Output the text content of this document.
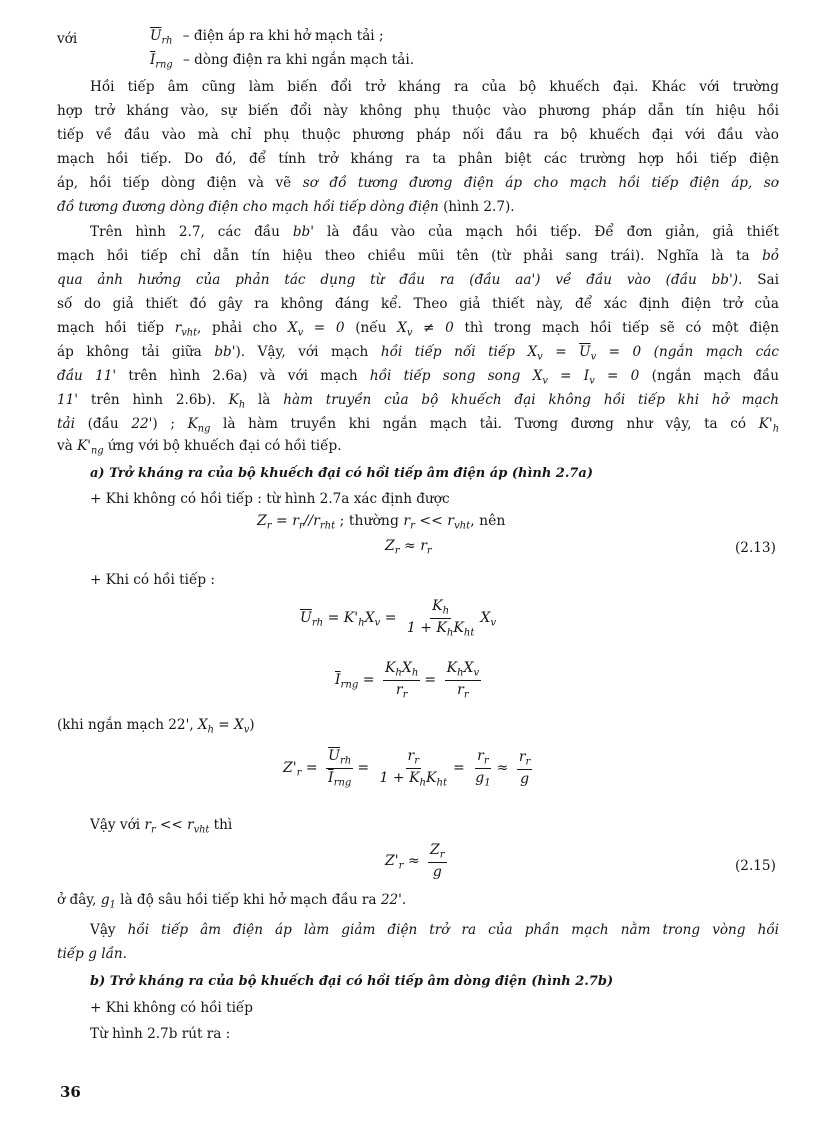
với	$\overline{U}_{rh}$ – điện áp ra khi hở mạch tải ;
$\overline{I}_{rng}$ – dòng điện ra khi ngắn mạch tải.
Hồi tiếp âm cũng làm biến đổi trở kháng ra của bộ khuếch đại. Khác với trường
hợp trở kháng vào, sự biến đổi này không phụ thuộc vào phương pháp dẫn tín hiệu hồi
tiếp về đầu vào mà chỉ phụ thuộc phương pháp nối đầu ra bộ khuếch đại với đầu vào
mạch hồi tiếp. Do đó, để tính trở kháng ra ta phân biệt các trường hợp hồi tiếp điện
áp, hồi tiếp dòng điện và vẽ sơ đồ tương đương điện áp cho mạch hồi tiếp điện áp, sơ
đồ tương đương dòng điện cho mạch hồi tiếp dòng điện (hình 2.7).
Trên hình 2.7, các đầu bb' là đầu vào của mạch hồi tiếp. Để đơn giản, giả thiết
mạch hồi tiếp chỉ dẫn tín hiệu theo chiều mũi tên (từ phải sang trái). Nghĩa là ta bỏ
qua ảnh hưởng của phản tác dụng từ đầu ra (đầu aa') về đầu vào (đầu bb'). Sai
số do giả thiết đó gây ra không đáng kể. Theo giả thiết này, để xác định điện trở của
mạch hồi tiếp $r_{vht}$, phải cho $X_v = 0$ (nếu $X_v \ne 0$ thì trong mạch hồi tiếp sẽ có một điện
áp không tải giữa bb'). Vậy, với mạch hồi tiếp nối tiếp $X_v = \overline{U}_v = 0$ (ngắn mạch các
đầu 11' trên hình 2.6a) và với mạch hồi tiếp song song $X_v = I_v = 0$ (ngắn mạch đầu
11' trên hình 2.6b). $K_h$ là hàm truyền của bộ khuếch đại không hồi tiếp khi hở mạch
tải (đầu 22') ; $K_{ng}$ là hàm truyền khi ngắn mạch tải. Tương đương như vậy, ta có $K'_h$
và $K'_{ng}$ ứng với bộ khuếch đại có hồi tiếp.
a) Trở kháng ra của bộ khuếch đại có hồi tiếp âm điện áp (hình 2.7a)
+ Khi không có hồi tiếp : từ hình 2.7a xác định được
$Z_r = r_r//r_{rht}$ ; thường $r_r << r_{vht}$, nên
$Z_r \approx r_r$	(2.13)
+ Khi có hồi tiếp :
$\overline{U}_{rh} = K'_hX_v = \frac{K_h}{1 + K_hK_{ht}} X_v$
$\overline{I}_{rng} = \frac{K_hX_h}{r_r} = \frac{K_hX_v}{r_r}$
(khi ngắn mạch 22', $X_h = X_v$)
$Z'_r = \frac{\overline{U}_{rh}}{\overline{I}_{rng}} = \frac{r_r}{1 + K_hK_{ht}} = \frac{r_r}{g_1} \approx \frac{r_r}{g}$
Vậy với $r_r << r_{vht}$ thì
$Z'_r \approx \frac{Z_r}{g}$	(2.15)
ở đây, $g_1$ là độ sâu hồi tiếp khi hở mạch đầu ra 22'.
Vậy hồi tiếp âm điện áp làm giảm điện trở ra của phần mạch nằm trong vòng hồi
tiếp g lần.
b) Trở kháng ra của bộ khuếch đại có hồi tiếp âm dòng điện (hình 2.7b)
+ Khi không có hồi tiếp
Từ hình 2.7b rút ra :
36
